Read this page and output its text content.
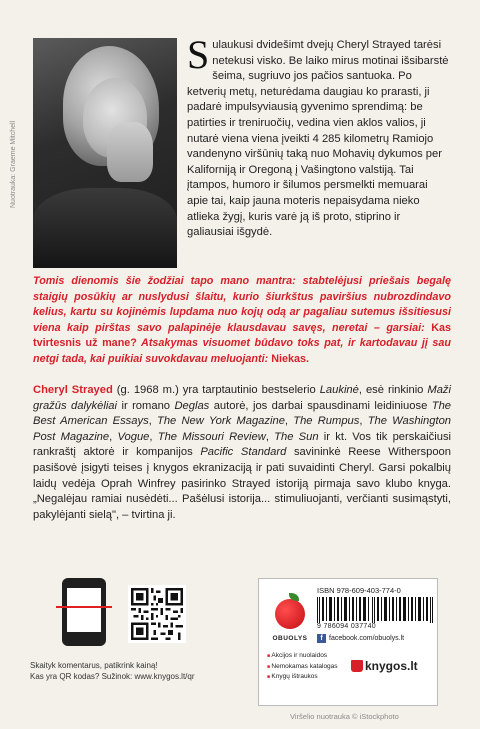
Nuotrauka: Graeme Mitchell
Sulaukusi dvidešimt dvejų Cheryl Strayed tarėsi netekusi visko. Be laiko mirus motinai išsibarstė šeima, sugriuvo jos pačios santuoka. Po ketverių metų, neturėdama daugiau ko prarasti, ji padarė impulsyviausią gyvenimo sprendimą: be patirties ir treniruočių, vedina vien aklos valios, ji nutarė viena viena įveikti 4 285 kilometrų Ramiojo vandenyno viršūnių taką nuo Mohavių dykumos per Kaliforniją ir Oregoną į Vašingtono valstiją. Tai įtampos, humoro ir šilumos persmelkti memuarai apie tai, kaip jauna moteris nepaisydama nieko atlieka žygį, kuris varė ją iš proto, stiprino ir galiausiai išgydė.
Tomis dienomis šie žodžiai tapo mano mantra: stabtelėjusi priešais begalę staigių posūkių ar nuslydusi šlaitu, kurio šiurkštus paviršius nubrozdindavo kelius, kartu su kojinėmis lupdama nuo kojų odą ar pagaliau sutemus išsitiesusi viena kaip pirštas savo palapinėje klausdavau savęs, neretai – garsiai: Kas tvirtesnis už mane? Atsakymas visuomet būdavo toks pat, ir kartodavau jį sau netgi tada, kai puikiai suvokdavau meluojanti: Niekas.
Cheryl Strayed (g. 1968 m.) yra tarptautinio bestselerio Laukinė, esė rinkinio Maži gražūs dalykėliai ir romano Deglas autorė, jos darbai spausdinami leidiniuose The Best American Essays, The New York Magazine, The Rumpus, The Washington Post Magazine, Vogue, The Missouri Review, The Sun ir kt. Vos tik perskaičiusi rankraštį aktorė ir kompanijos Pacific Standard savininkė Reese Witherspoon pasišovė įsigyti teises į knygos ekranizaciją ir pati suvaidinti Cheryl. Garsi pokalbių laidų vedėja Oprah Winfrey pasirinko Strayed istoriją pirmaja savo klubo knyga. „Negalėjau ramiai nusėdėti... Pašėlusi istorija... stimuliuojanti, verčianti susimąstyti, pakylėjanti sielą", – tvirtina ji.
Skaityk komentarus, patikrink kainą!
Kas yra QR kodas? Sužinok: www.knygos.lt/qr
OBUOLYS
ISBN 978-609-403-774-0
9 786094 037740
f facebook.com/obuolys.lt
■ Akcijos ir nuolaidos
■ Nemokamas katalogas
■ Knygų ištraukos
knygos.lt
Viršelio nuotrauka © iStockphoto
